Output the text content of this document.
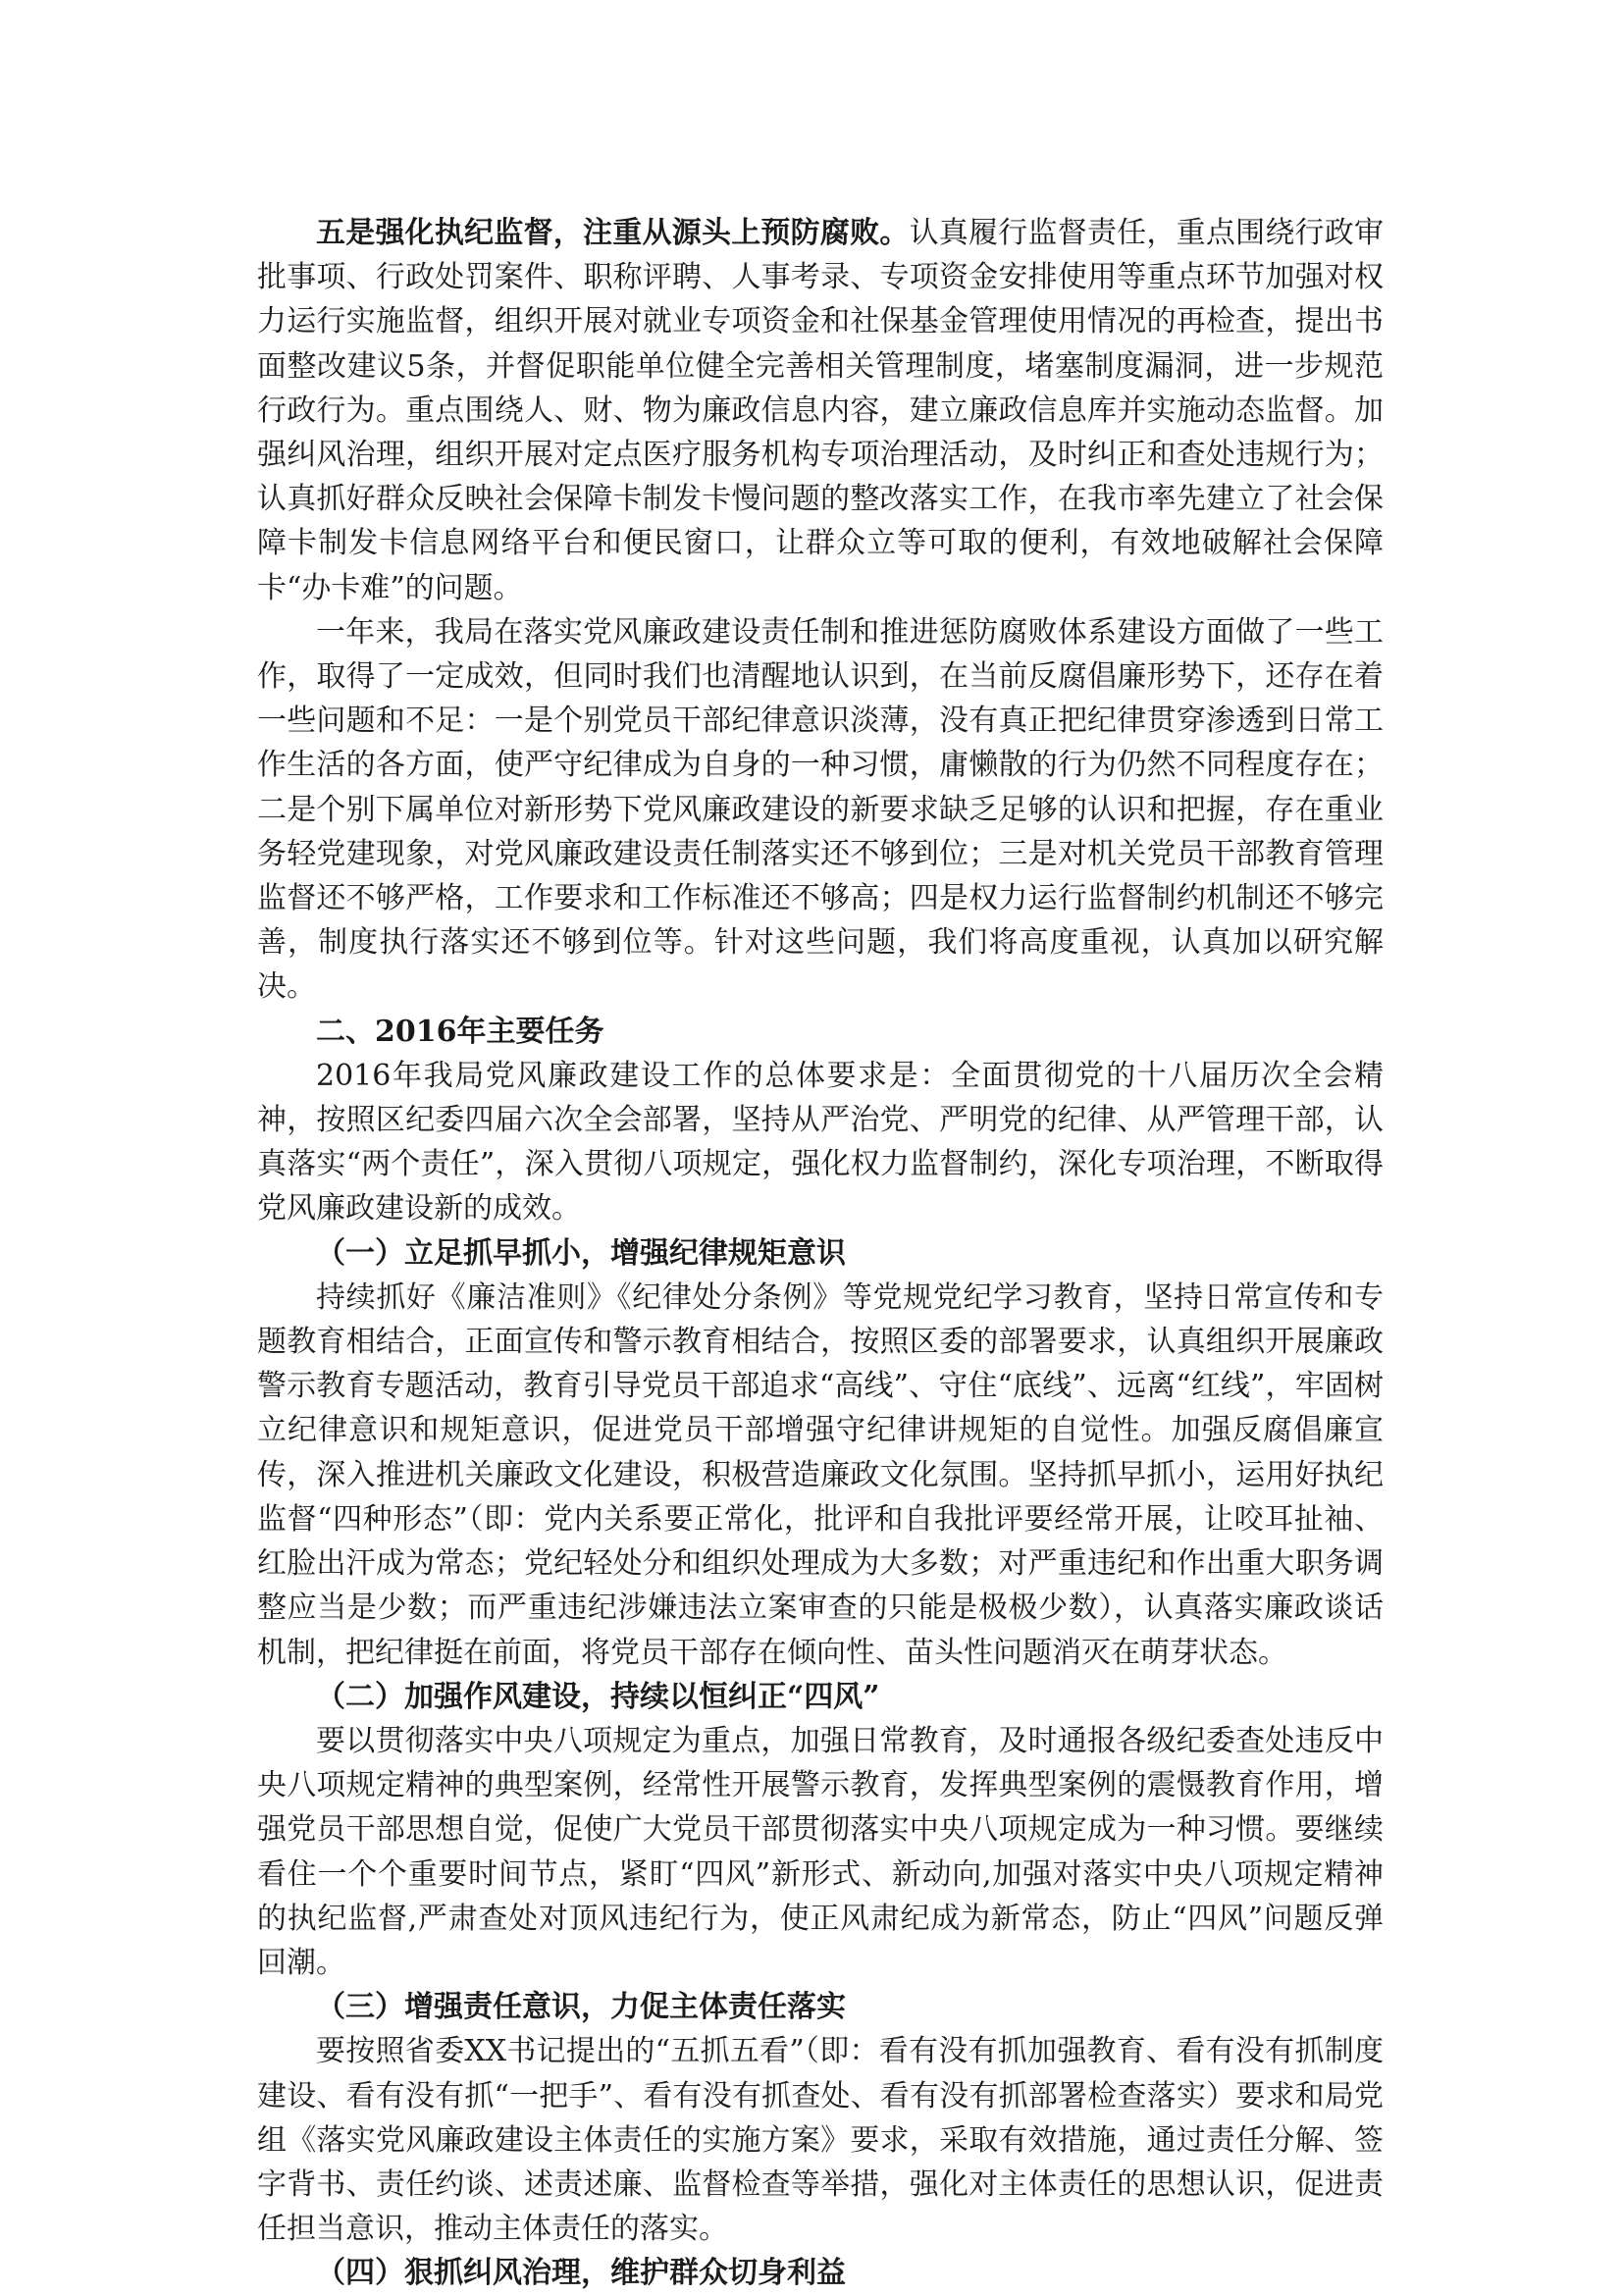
五是强化执纪监督，注重从源头上预防腐败。认真履行监督责任，重点围绕行政审批事项、行政处罚案件、职称评聘、人事考录、专项资金安排使用等重点环节加强对权力运行实施监督，组织开展对就业专项资金和社保基金管理使用情况的再检查，提出书面整改建议5条，并督促职能单位健全完善相关管理制度，堵塞制度漏洞，进一步规范行政行为。重点围绕人、财、物为廉政信息内容，建立廉政信息库并实施动态监督。加强纠风治理，组织开展对定点医疗服务机构专项治理活动，及时纠正和查处违规行为；认真抓好群众反映社会保障卡制发卡慢问题的整改落实工作，在我市率先建立了社会保障卡制发卡信息网络平台和便民窗口，让群众立等可取的便利，有效地破解社会保障卡“办卡难”的问题。

一年来，我局在落实党风廉政建设责任制和推进惩防腐败体系建设方面做了一些工作，取得了一定成效，但同时我们也清醒地认识到，在当前反腐倡廉形势下，还存在着一些问题和不足：一是个别党员干部纪律意识淡薄，没有真正把纪律贯穿渗透到日常工作生活的各方面，使严守纪律成为自身的一种习惯，庸懒散的行为仍然不同程度存在；二是个别下属单位对新形势下党风廉政建设的新要求缺乏足够的认识和把握，存在重业务轻党建现象，对党风廉政建设责任制落实还不够到位；三是对机关党员干部教育管理监督还不够严格，工作要求和工作标准还不够高；四是权力运行监督制约机制还不够完善，制度执行落实还不够到位等。针对这些问题，我们将高度重视，认真加以研究解决。

二、2016年主要任务

2016年我局党风廉政建设工作的总体要求是：全面贯彻党的十八届历次全会精神，按照区纪委四届六次全会部署，坚持从严治党、严明党的纪律、从严管理干部，认真落实“两个责任”，深入贯彻八项规定，强化权力监督制约，深化专项治理，不断取得党风廉政建设新的成效。

（一）立足抓早抓小，增强纪律规矩意识

持续抓好《廉洁准则》《纪律处分条例》等党规党纪学习教育，坚持日常宣传和专题教育相结合，正面宣传和警示教育相结合，按照区委的部署要求，认真组织开展廉政警示教育专题活动，教育引导党员干部追求“高线”、守住“底线”、远离“红线”，牢固树立纪律意识和规矩意识，促进党员干部增强守纪律讲规矩的自觉性。加强反腐倡廉宣传，深入推进机关廉政文化建设，积极营造廉政文化氛围。坚持抓早抓小，运用好执纪监督“四种形态”（即：党内关系要正常化，批评和自我批评要经常开展，让咬耳扯袖、红脸出汗成为常态；党纪轻处分和组织处理成为大多数；对严重违纪和作出重大职务调整应当是少数；而严重违纪涉嫌违法立案审查的只能是极极少数），认真落实廉政谈话机制，把纪律挺在前面，将党员干部存在倾向性、苗头性问题消灭在萌芽状态。

（二）加强作风建设，持续以恒纠正“四风”

要以贯彻落实中央八项规定为重点，加强日常教育，及时通报各级纪委查处违反中央八项规定精神的典型案例，经常性开展警示教育，发挥典型案例的震慑教育作用，增强党员干部思想自觉，促使广大党员干部贯彻落实中央八项规定成为一种习惯。要继续看住一个个重要时间节点，紧盯“四风”新形式、新动向,加强对落实中央八项规定精神的执纪监督,严肃查处对顶风违纪行为，使正风肃纪成为新常态，防止“四风”问题反弹回潮。

（三）增强责任意识，力促主体责任落实

要按照省委XX书记提出的“五抓五看”（即：看有没有抓加强教育、看有没有抓制度建设、看有没有抓“一把手”、看有没有抓查处、看有没有抓部署检查落实）要求和局党组《落实党风廉政建设主体责任的实施方案》要求，采取有效措施，通过责任分解、签字背书、责任约谈、述责述廉、监督检查等举措，强化对主体责任的思想认识，促进责任担当意识，推动主体责任的落实。

（四）狠抓纠风治理，维护群众切身利益
